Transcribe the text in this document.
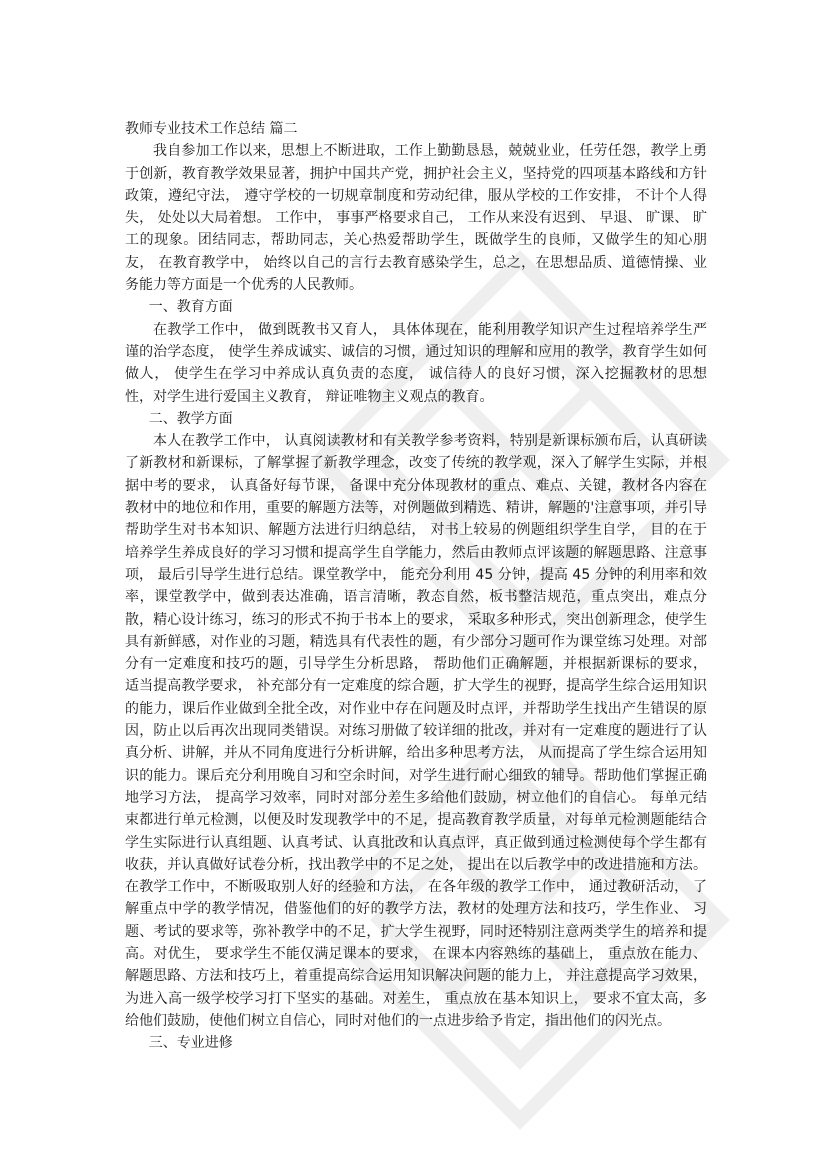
教师专业技术工作总结 篇二

我自参加工作以来，思想上不断进取，工作上勤勤恳恳，兢兢业业，任劳任怨，教学上勇于创新，教育教学效果显著，拥护中国共产党，拥护社会主义，坚持党的四项基本路线和方针政策，遵纪守法， 遵守学校的一切规章制度和劳动纪律，服从学校的工作安排， 不计个人得失， 处处以大局着想。 工作中， 事事严格要求自己， 工作从来没有迟到、 早退、 旷课、 旷工的现象。团结同志，帮助同志，关心热爱帮助学生，既做学生的良师，又做学生的知心朋友， 在教育教学中， 始终以自己的言行去教育感染学生，总之，在思想品质、道德情操、业务能力等方面是一个优秀的人民教师。

一、教育方面

在教学工作中， 做到既教书又育人， 具体体现在，能利用教学知识产生过程培养学生严谨的治学态度， 使学生养成诚实、诚信的习惯，通过知识的理解和应用的教学，教育学生如何做人， 使学生在学习中养成认真负责的态度， 诚信待人的良好习惯，深入挖掘教材的思想性，对学生进行爱国主义教育， 辩证唯物主义观点的教育。

二、教学方面

本人在教学工作中， 认真阅读教材和有关教学参考资料，特别是新课标颁布后，认真研读了新教材和新课标，了解掌握了新教学理念，改变了传统的教学观，深入了解学生实际，并根据中考的要求， 认真备好每节课， 备课中充分体现教材的重点、难点、关键，教材各内容在教材中的地位和作用，重要的解题方法等，对例题做到精选、精讲，解题的'注意事项，并引导帮助学生对书本知识、解题方法进行归纳总结， 对书上较易的例题组织学生自学， 目的在于培养学生养成良好的学习习惯和提高学生自学能力，然后由教师点评该题的解题思路、注意事项， 最后引导学生进行总结。课堂教学中， 能充分利用 45 分钟，提高 45 分钟的利用率和效率，课堂教学中，做到表达准确，语言清晰，教态自然，板书整洁规范，重点突出，难点分散，精心设计练习，练习的形式不拘于书本上的要求， 采取多种形式，突出创新理念，使学生具有新鲜感，对作业的习题，精选具有代表性的题，有少部分习题可作为课堂练习处理。对部分有一定难度和技巧的题，引导学生分析思路， 帮助他们正确解题，并根据新课标的要求， 适当提高教学要求， 补充部分有一定难度的综合题，扩大学生的视野，提高学生综合运用知识的能力，课后作业做到全批全改，对作业中存在问题及时点评，并帮助学生找出产生错误的原因，防止以后再次出现同类错误。对练习册做了较详细的批改，并对有一定难度的题进行了认真分析、讲解，并从不同角度进行分析讲解，给出多种思考方法， 从而提高了学生综合运用知识的能力。课后充分利用晚自习和空余时间，对学生进行耐心细致的辅导。帮助他们掌握正确地学习方法， 提高学习效率，同时对部分差生多给他们鼓励，树立他们的自信心。 每单元结束都进行单元检测，以便及时发现教学中的不足，提高教育教学质量，对每单元检测题能结合学生实际进行认真组题、认真考试、认真批改和认真点评，真正做到通过检测使每个学生都有收获，并认真做好试卷分析，找出教学中的不足之处， 提出在以后教学中的改进措施和方法。 在教学工作中，不断吸取别人好的经验和方法， 在各年级的教学工作中， 通过教研活动， 了解重点中学的教学情况，借鉴他们的好的教学方法，教材的处理方法和技巧，学生作业、 习题、考试的要求等，弥补教学中的不足，扩大学生视野，同时还特别注意两类学生的培养和提高。对优生， 要求学生不能仅满足课本的要求， 在课本内容熟练的基础上， 重点放在能力、解题思路、方法和技巧上，着重提高综合运用知识解决问题的能力上， 并注意提高学习效果， 为进入高一级学校学习打下坚实的基础。对差生， 重点放在基本知识上， 要求不宜太高，多给他们鼓励，使他们树立自信心，同时对他们的一点进步给予肯定，指出他们的闪光点。

三、专业进修
